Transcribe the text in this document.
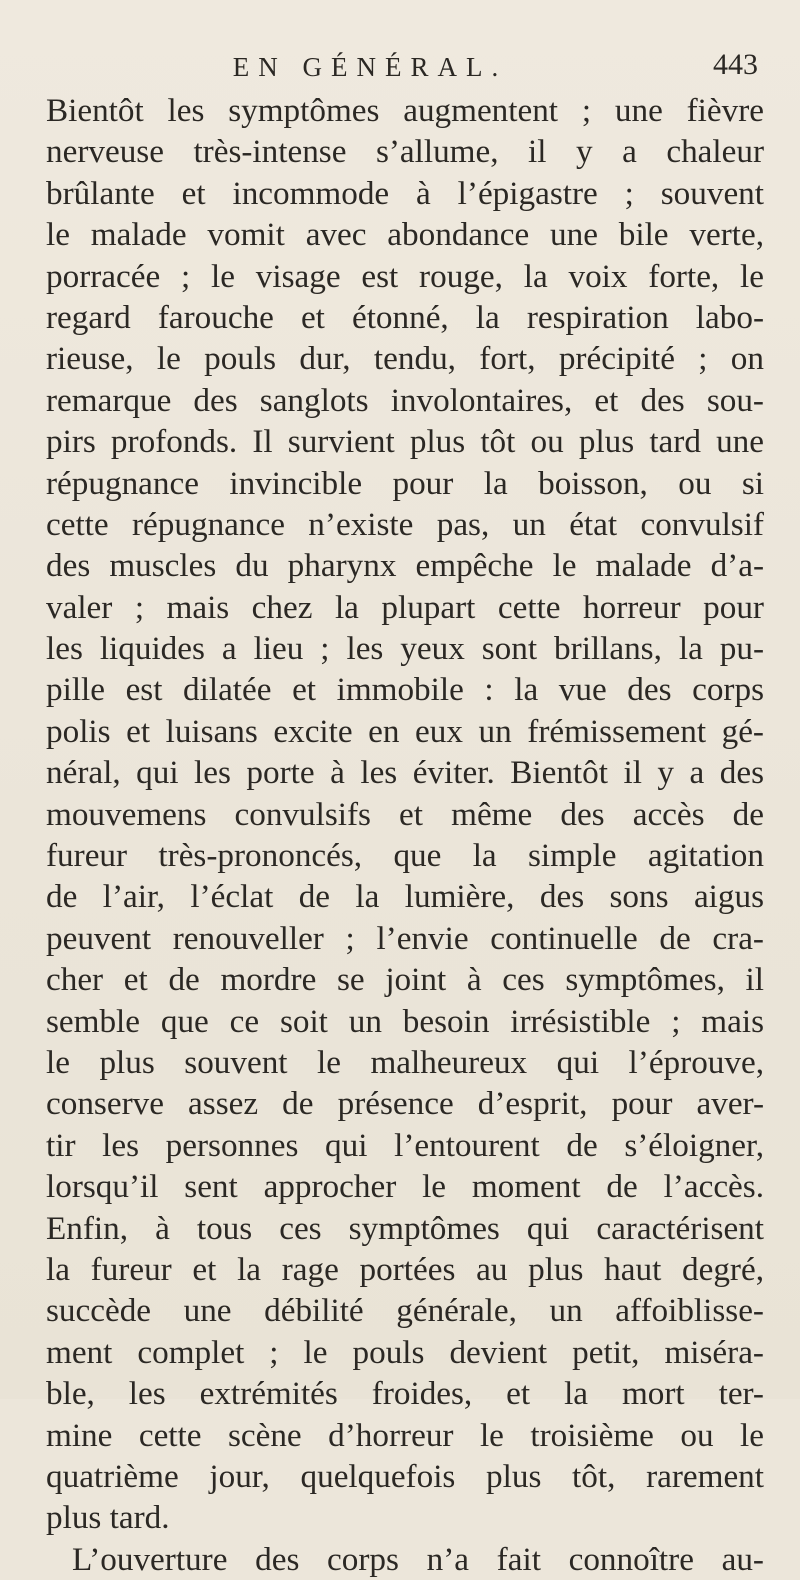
EN GÉNÉRAL.	443
Bientôt les symptômes augmentent ; une fièvre
nerveuse très-intense s’allume, il y a chaleur
brûlante et incommode à l’épigastre ; souvent
le malade vomit avec abondance une bile verte,
porracée ; le visage est rouge, la voix forte, le
regard farouche et étonné, la respiration labo-
rieuse, le pouls dur, tendu, fort, précipité ; on
remarque des sanglots involontaires, et des sou-
pirs profonds. Il survient plus tôt ou plus tard une
répugnance invincible pour la boisson, ou si
cette répugnance n’existe pas, un état convulsif
des muscles du pharynx empêche le malade d’a-
valer ; mais chez la plupart cette horreur pour
les liquides a lieu ; les yeux sont brillans, la pu-
pille est dilatée et immobile : la vue des corps
polis et luisans excite en eux un frémissement gé-
néral, qui les porte à les éviter. Bientôt il y a des
mouvemens convulsifs et même des accès de
fureur très-prononcés, que la simple agitation
de l’air, l’éclat de la lumière, des sons aigus
peuvent renouveller ; l’envie continuelle de cra-
cher et de mordre se joint à ces symptômes, il
semble que ce soit un besoin irrésistible ; mais
le plus souvent le malheureux qui l’éprouve,
conserve assez de présence d’esprit, pour aver-
tir les personnes qui l’entourent de s’éloigner,
lorsqu’il sent approcher le moment de l’accès.
Enfin, à tous ces symptômes qui caractérisent
la fureur et la rage portées au plus haut degré,
succède une débilité générale, un affoiblisse-
ment complet ; le pouls devient petit, miséra-
ble, les extrémités froides, et la mort ter-
mine cette scène d’horreur le troisième ou le
quatrième jour, quelquefois plus tôt, rarement
plus tard.
L’ouverture des corps n’a fait connoître au-
